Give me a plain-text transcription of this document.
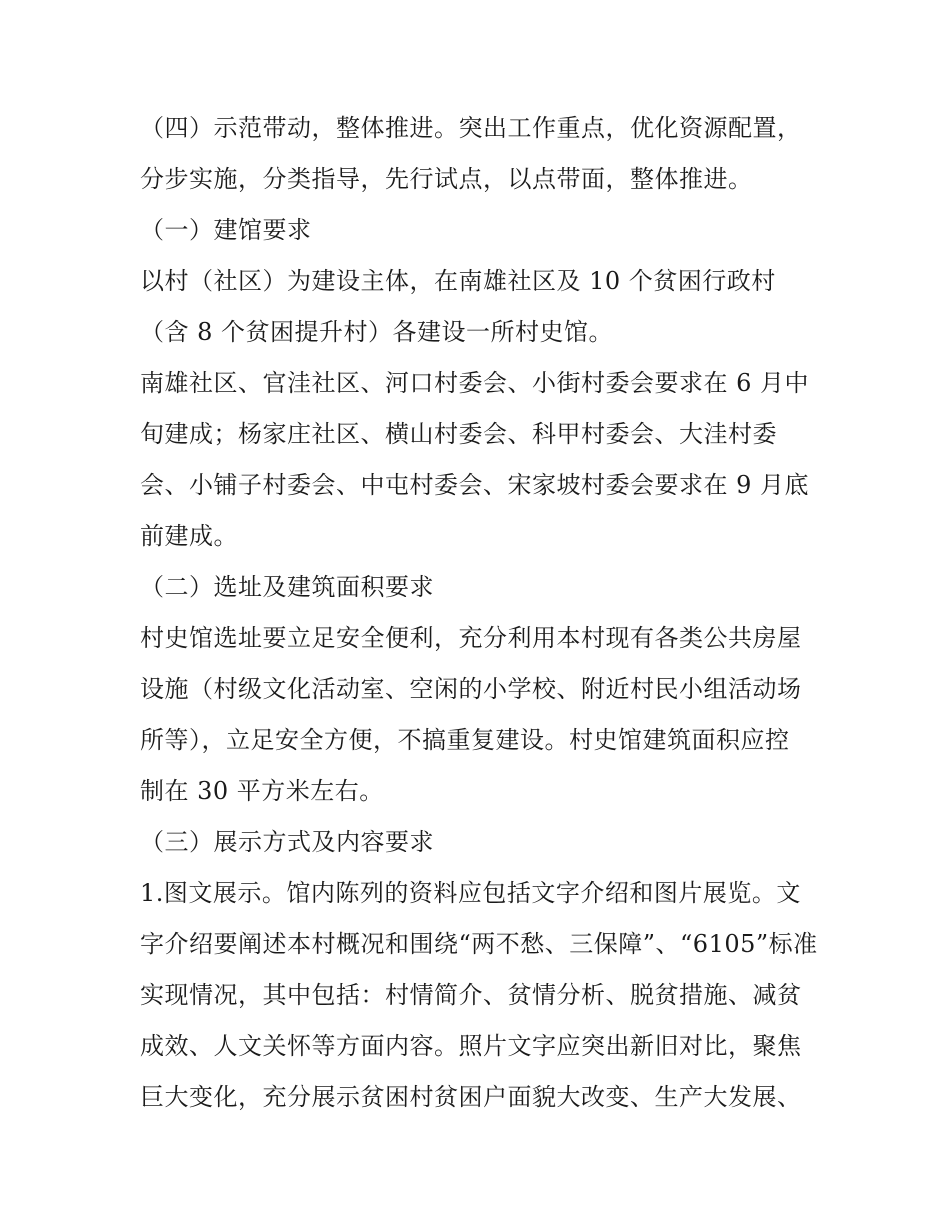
（四）示范带动，整体推进。突出工作重点，优化资源配置，
分步实施，分类指导，先行试点，以点带面，整体推进。
（一）建馆要求
以村（社区）为建设主体，在南雄社区及 10 个贫困行政村
（含 8 个贫困提升村）各建设一所村史馆。
南雄社区、官洼社区、河口村委会、小街村委会要求在 6 月中
旬建成；杨家庄社区、横山村委会、科甲村委会、大洼村委
会、小铺子村委会、中屯村委会、宋家坡村委会要求在 9 月底
前建成。
（二）选址及建筑面积要求
村史馆选址要立足安全便利，充分利用本村现有各类公共房屋
设施（村级文化活动室、空闲的小学校、附近村民小组活动场
所等），立足安全方便，不搞重复建设。村史馆建筑面积应控
制在 30 平方米左右。
（三）展示方式及内容要求
1.图文展示。馆内陈列的资料应包括文字介绍和图片展览。文
字介绍要阐述本村概况和围绕“两不愁、三保障”、“6105”标准
实现情况，其中包括：村情简介、贫情分析、脱贫措施、减贫
成效、人文关怀等方面内容。照片文字应突出新旧对比，聚焦
巨大变化，充分展示贫困村贫困户面貌大改变、生产大发展、
